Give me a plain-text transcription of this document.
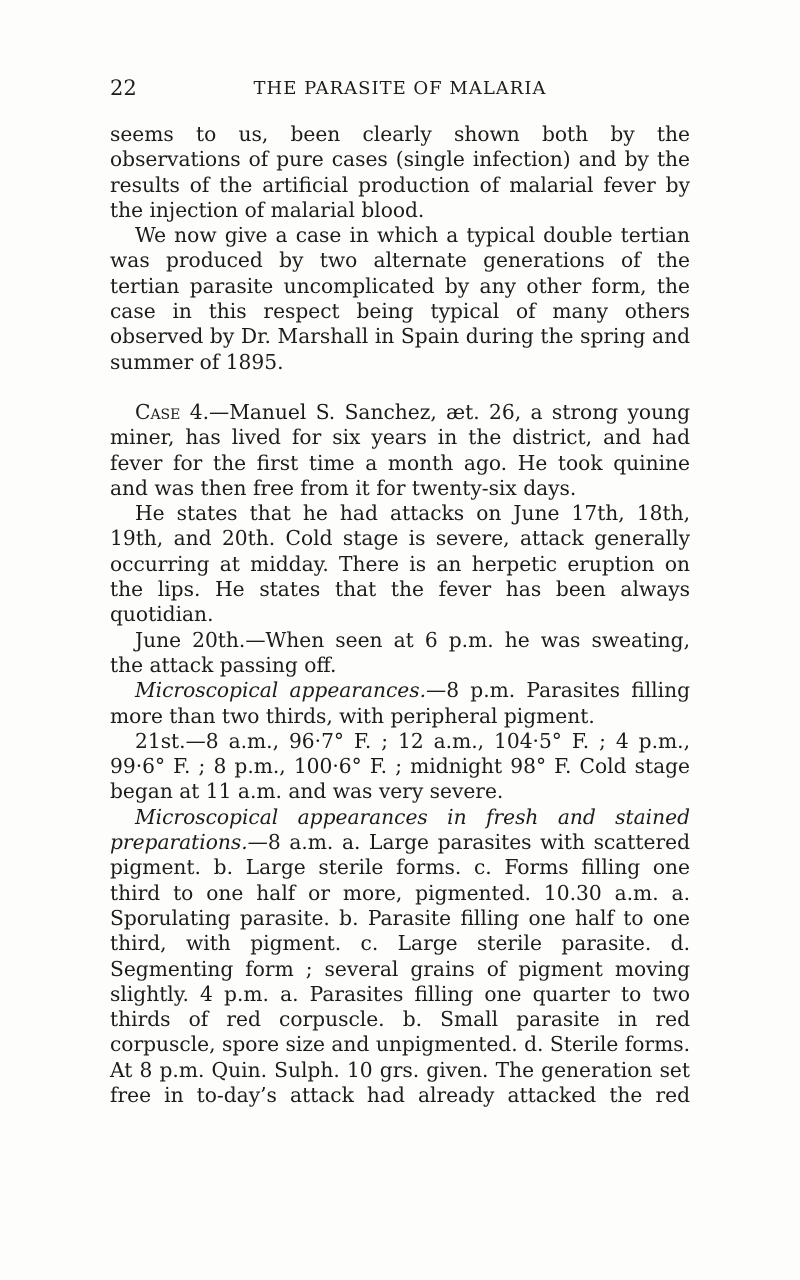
22	THE PARASITE OF MALARIA

seems to us, been clearly shown both by the observations of pure cases (single infection) and by the results of the artificial production of malarial fever by the injection of malarial blood.

We now give a case in which a typical double tertian was produced by two alternate generations of the tertian parasite uncomplicated by any other form, the case in this respect being typical of many others observed by Dr. Marshall in Spain during the spring and summer of 1895.

Case 4.—Manuel S. Sanchez, æt. 26, a strong young miner, has lived for six years in the district, and had fever for the first time a month ago. He took quinine and was then free from it for twenty-six days.

He states that he had attacks on June 17th, 18th, 19th, and 20th. Cold stage is severe, attack generally occurring at midday. There is an herpetic eruption on the lips. He states that the fever has been always quotidian.

June 20th.—When seen at 6 p.m. he was sweating, the attack passing off.

Microscopical appearances.—8 p.m. Parasites filling more than two thirds, with peripheral pigment.

21st.—8 a.m., 96·7° F. ; 12 a.m., 104·5° F. ; 4 p.m., 99·6° F. ; 8 p.m., 100·6° F. ; midnight 98° F. Cold stage began at 11 a.m. and was very severe.

Microscopical appearances in fresh and stained preparations.—8 a.m. a. Large parasites with scattered pigment. b. Large sterile forms. c. Forms filling one third to one half or more, pigmented. 10.30 a.m. a. Sporulating parasite. b. Parasite filling one half to one third, with pigment. c. Large sterile parasite. d. Segmenting form ; several grains of pigment moving slightly. 4 p.m. a. Parasites filling one quarter to two thirds of red corpuscle. b. Small parasite in red corpuscle, spore size and unpigmented. d. Sterile forms. At 8 p.m. Quin. Sulph. 10 grs. given. The generation set free in to-day’s attack had already attacked the red
